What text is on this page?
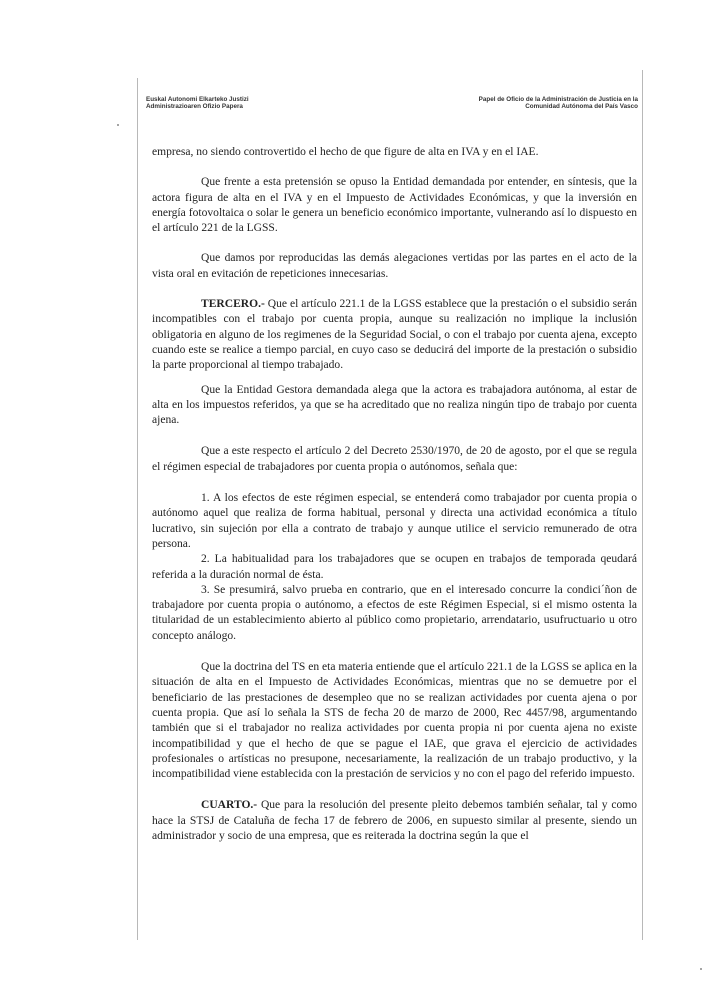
Euskal Autonomi Elkarteko Justizi
Administrazioaren Ofizio Papera
Papel de Oficio de la Administración de Justicia en la
Comunidad Autónoma del País Vasco

empresa, no siendo controvertido el hecho de que figure de alta en IVA y en el IAE.

Que frente a esta pretensión se opuso la Entidad demandada por entender, en síntesis, que la actora figura de alta en el IVA y en el Impuesto de Actividades Económicas, y que la inversión en energía fotovoltaica o solar le genera un beneficio económico importante, vulnerando así lo dispuesto en el artículo 221 de la LGSS.

Que damos por reproducidas las demás alegaciones vertidas por las partes en el acto de la vista oral en evitación de repeticiones innecesarias.

TERCERO.- Que el artículo 221.1 de la LGSS establece que la prestación o el subsidio serán incompatibles con el trabajo por cuenta propia, aunque su realización no implique la inclusión obligatoria en alguno de los regimenes de la Seguridad Social, o con el trabajo por cuenta ajena, excepto cuando este se realice a tiempo parcial, en cuyo caso se deducirá del importe de la prestación o subsidio la parte proporcional al tiempo trabajado.

Que la Entidad Gestora demandada alega que la actora es trabajadora autónoma, al estar de alta en los impuestos referidos, ya que se ha acreditado que no realiza ningún tipo de trabajo por cuenta ajena.

Que a este respecto el artículo 2 del Decreto 2530/1970, de 20 de agosto, por el que se regula el régimen especial de trabajadores por cuenta propia o autónomos, señala que:

1. A los efectos de este régimen especial, se entenderá como trabajador por cuenta propia o autónomo aquel que realiza de forma habitual, personal y directa una actividad económica a título lucrativo, sin sujeción por ella a contrato de trabajo y aunque utilice el servicio remunerado de otra persona.

2. La habitualidad para los trabajadores que se ocupen en trabajos de temporada qeudará referida a la duración normal de ésta.

3. Se presumirá, salvo prueba en contrario, que en el interesado concurre la condici´ñon de trabajadore por cuenta propia o autónomo, a efectos de este Régimen Especial, si el mismo ostenta la titularidad de un establecimiento abierto al público como propietario, arrendatario, usufructuario u otro concepto análogo.

Que la doctrina del TS en eta materia entiende que el artículo 221.1 de la LGSS se aplica en la situación de alta en el Impuesto de Actividades Económicas, mientras que no se demuetre por el beneficiario de las prestaciones de desempleo que no se realizan actividades por cuenta ajena o por cuenta propia. Que así lo señala la STS de fecha 20 de marzo de 2000, Rec 4457/98, argumentando también que si el trabajador no realiza actividades por cuenta propia ni por cuenta ajena no existe incompatibilidad y que el hecho de que se pague el IAE, que grava el ejercicio de actividades profesionales o artísticas no presupone, necesariamente, la realización de un trabajo productivo, y la incompatibilidad viene establecida con la prestación de servicios y no con el pago del referido impuesto.

CUARTO.- Que para la resolución del presente pleito debemos también señalar, tal y como hace la STSJ de Cataluña de fecha 17 de febrero de 2006, en supuesto similar al presente, siendo un administrador y socio de una empresa, que es reiterada la doctrina según la que el
